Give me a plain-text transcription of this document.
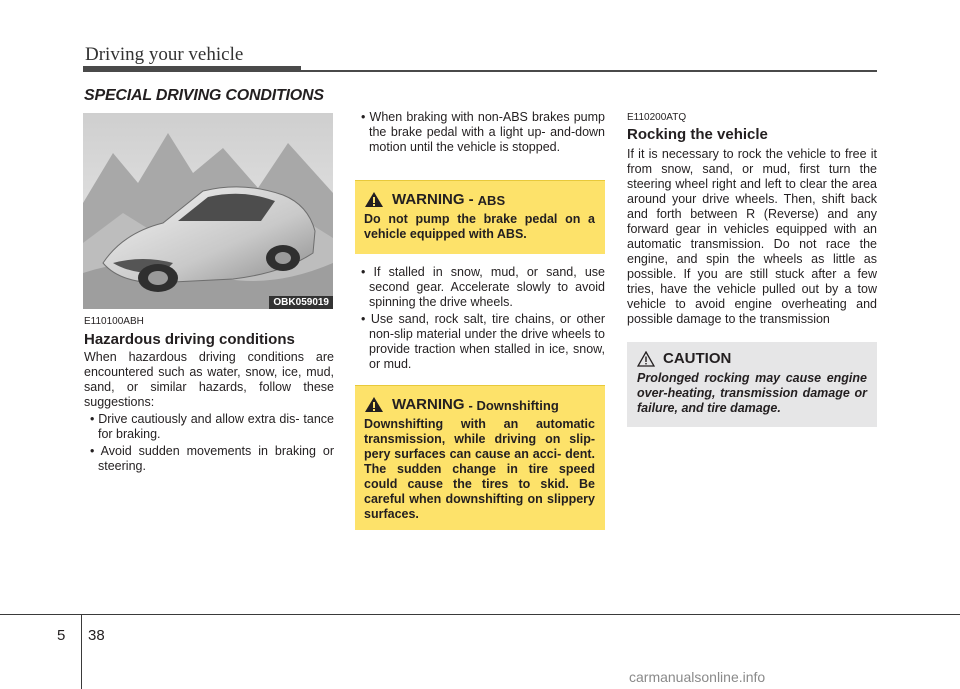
Driving your vehicle
SPECIAL DRIVING CONDITIONS
OBK059019
E110100ABH
Hazardous driving conditions
When hazardous driving conditions are encountered such as water, snow, ice, mud, sand, or similar hazards, follow these suggestions:
• Drive cautiously and allow extra dis- tance for braking.
• Avoid sudden movements in braking or steering.
• When braking with non-ABS brakes pump the brake pedal with a light up- and-down motion until the vehicle is stopped.
WARNING - ABS
Do not pump the brake pedal on a vehicle equipped with ABS.
• If stalled in snow, mud, or sand, use second gear. Accelerate slowly to avoid spinning the drive wheels.
• Use sand, rock salt, tire chains, or other non-slip material under the drive wheels to provide traction when stalled in ice, snow, or mud.
WARNING - Downshifting
Downshifting with an automatic transmission, while driving on slip- pery surfaces can cause an acci- dent. The sudden change in tire speed could cause the tires to skid. Be careful when downshifting on slippery surfaces.
E110200ATQ
Rocking the vehicle
If it is necessary to rock the vehicle to free it from snow, sand, or mud, first turn the steering wheel right and left to clear the area around your drive wheels. Then, shift back and forth between R (Reverse) and any forward gear in vehicles equipped with an automatic transmission. Do not race the engine, and spin the wheels as little as possible. If you are still stuck after a few tries, have the vehicle pulled out by a tow vehicle to avoid engine overheating and possible damage to the transmission
CAUTION
Prolonged rocking may cause engine over-heating, transmission damage or failure, and tire damage.
5 38
carmanualsonline.info
